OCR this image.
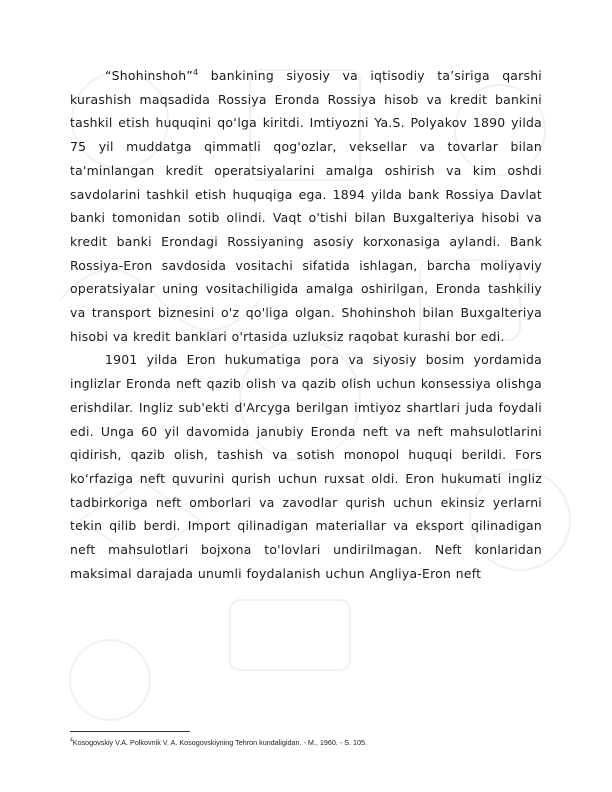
“Shohinshoh”$^4$ bankining siyosiy va iqtisodiy ta’siriga qarshi kurashish maqsadida Rossiya Eronda Rossiya hisob va kredit bankini tashkil etish huquqini qo‘lga kiritdi. Imtiyozni Ya.S. Polyakov 1890 yilda 75 yil muddatga qimmatli qog'ozlar, veksellar va tovarlar bilan ta'minlangan kredit operatsiyalarini amalga oshirish va kim oshdi savdolarini tashkil etish huquqiga ega. 1894 yilda bank Rossiya Davlat banki tomonidan sotib olindi. Vaqt o'tishi bilan Buxgalteriya hisobi va kredit banki Erondagi Rossiyaning asosiy korxonasiga aylandi. Bank Rossiya-Eron savdosida vositachi sifatida ishlagan, barcha moliyaviy operatsiyalar uning vositachiligida amalga oshirilgan, Eronda tashkiliy va transport biznesini o'z qo'liga olgan. Shohinshoh bilan Buxgalteriya hisobi va kredit banklari o'rtasida uzluksiz raqobat kurashi bor edi.

1901 yilda Eron hukumatiga pora va siyosiy bosim yordamida inglizlar Eronda neft qazib olish va qazib olish uchun konsessiya olishga erishdilar. Ingliz sub'ekti d'Arcyga berilgan imtiyoz shartlari juda foydali edi. Unga 60 yil davomida janubiy Eronda neft va neft mahsulotlarini qidirish, qazib olish, tashish va sotish monopol huquqi berildi. Fors ko‘rfaziga neft quvurini qurish uchun ruxsat oldi. Eron hukumati ingliz tadbirkoriga neft omborlari va zavodlar qurish uchun ekinsiz yerlarni tekin qilib berdi. Import qilinadigan materiallar va eksport qilinadigan neft mahsulotlari bojxona to'lovlari undirilmagan. Neft konlaridan maksimal darajada unumli foydalanish uchun Angliya-Eron neft

$^4$Kosogovskiy V.A. Polkovnik V. A. Kosogovskiyning Tehron kundaligidan. - M., 1960. - S. 105.
